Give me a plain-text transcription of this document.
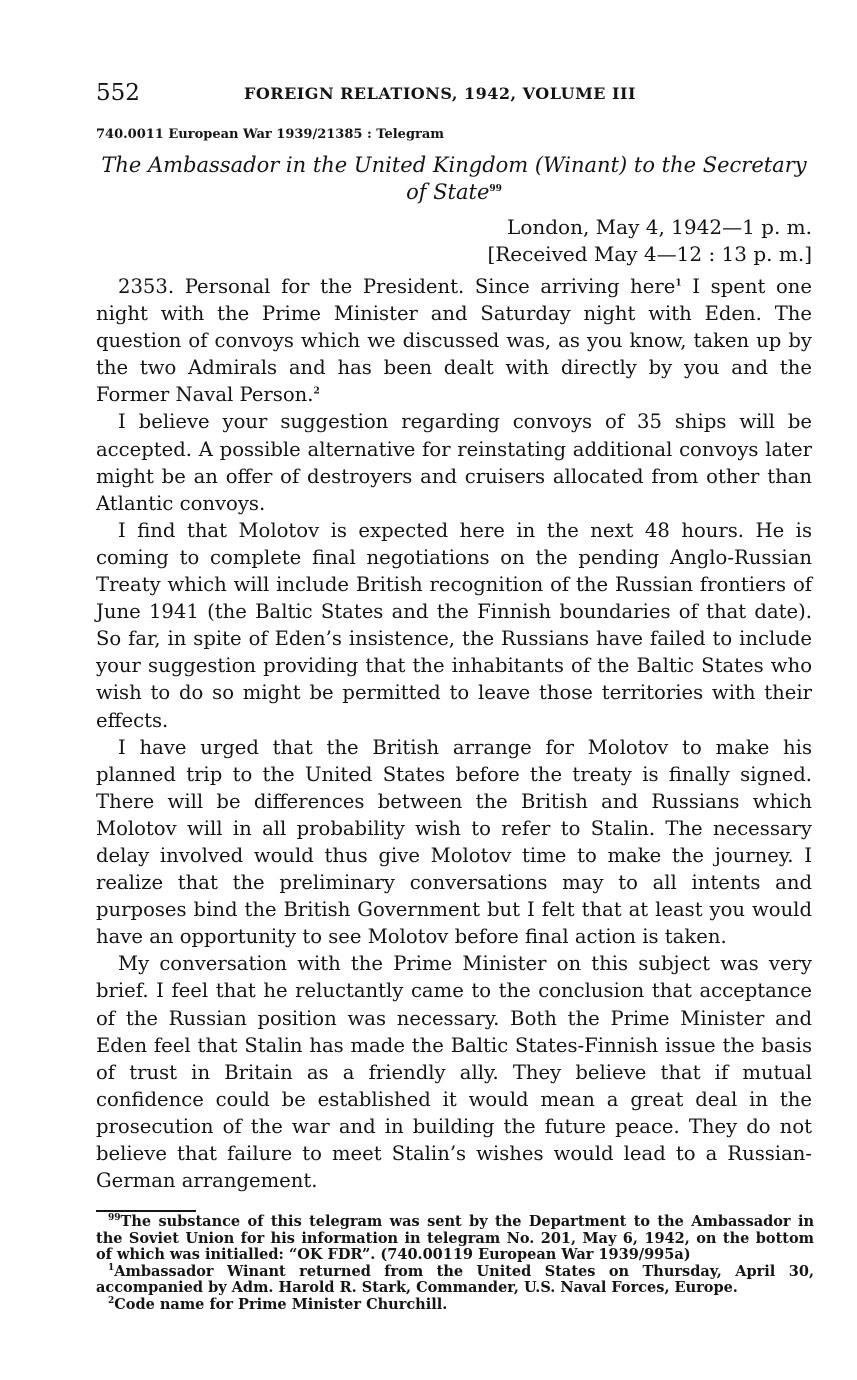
552	FOREIGN RELATIONS, 1942, VOLUME III
740.0011 European War 1939/21385 : Telegram
The Ambassador in the United Kingdom (Winant) to the Secretary of State$^{99}$
London, May 4, 1942—1 p. m.
[Received May 4—12 : 13 p. m.]

2353. Personal for the President. Since arriving here$^1$ I spent one night with the Prime Minister and Saturday night with Eden. The question of convoys which we discussed was, as you know, taken up by the two Admirals and has been dealt with directly by you and the Former Naval Person.$^2$

I believe your suggestion regarding convoys of 35 ships will be accepted. A possible alternative for reinstating additional convoys later might be an offer of destroyers and cruisers allocated from other than Atlantic convoys.

I find that Molotov is expected here in the next 48 hours. He is coming to complete final negotiations on the pending Anglo-Russian Treaty which will include British recognition of the Russian frontiers of June 1941 (the Baltic States and the Finnish boundaries of that date). So far, in spite of Eden’s insistence, the Russians have failed to include your suggestion providing that the inhabitants of the Baltic States who wish to do so might be permitted to leave those territories with their effects.

I have urged that the British arrange for Molotov to make his planned trip to the United States before the treaty is finally signed. There will be differences between the British and Russians which Molotov will in all probability wish to refer to Stalin. The necessary delay involved would thus give Molotov time to make the journey. I realize that the preliminary conversations may to all intents and purposes bind the British Government but I felt that at least you would have an opportunity to see Molotov before final action is taken.

My conversation with the Prime Minister on this subject was very brief. I feel that he reluctantly came to the conclusion that acceptance of the Russian position was necessary. Both the Prime Minister and Eden feel that Stalin has made the Baltic States-Finnish issue the basis of trust in Britain as a friendly ally. They believe that if mutual confidence could be established it would mean a great deal in the prosecution of the war and in building the future peace. They do not believe that failure to meet Stalin’s wishes would lead to a Russian-German arrangement.

$^{99}$The substance of this telegram was sent by the Department to the Ambassador in the Soviet Union for his information in telegram No. 201, May 6, 1942, on the bottom of which was initialled: “OK FDR”. (740.00119 European War 1939/995a)

$^1$Ambassador Winant returned from the United States on Thursday, April 30, accompanied by Adm. Harold R. Stark, Commander, U.S. Naval Forces, Europe.

$^2$Code name for Prime Minister Churchill.
